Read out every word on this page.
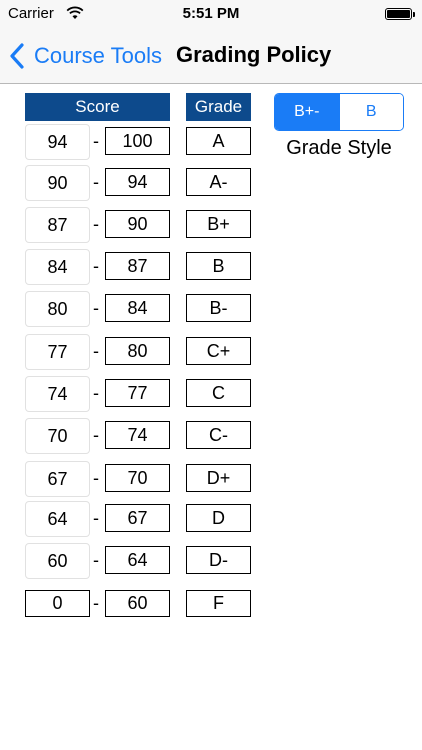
Carrier	5:51 PM
Course Tools Grading Policy
Score	Grade
94	-	100	A
90	-	94	A-
87	-	90	B+
84	-	87	B
80	-	84	B-
77	-	80	C+
74	-	77	C
70	-	74	C-
67	-	70	D+
64	-	67	D
60	-	64	D-
0	-	60	F
B+-	B
Grade Style
